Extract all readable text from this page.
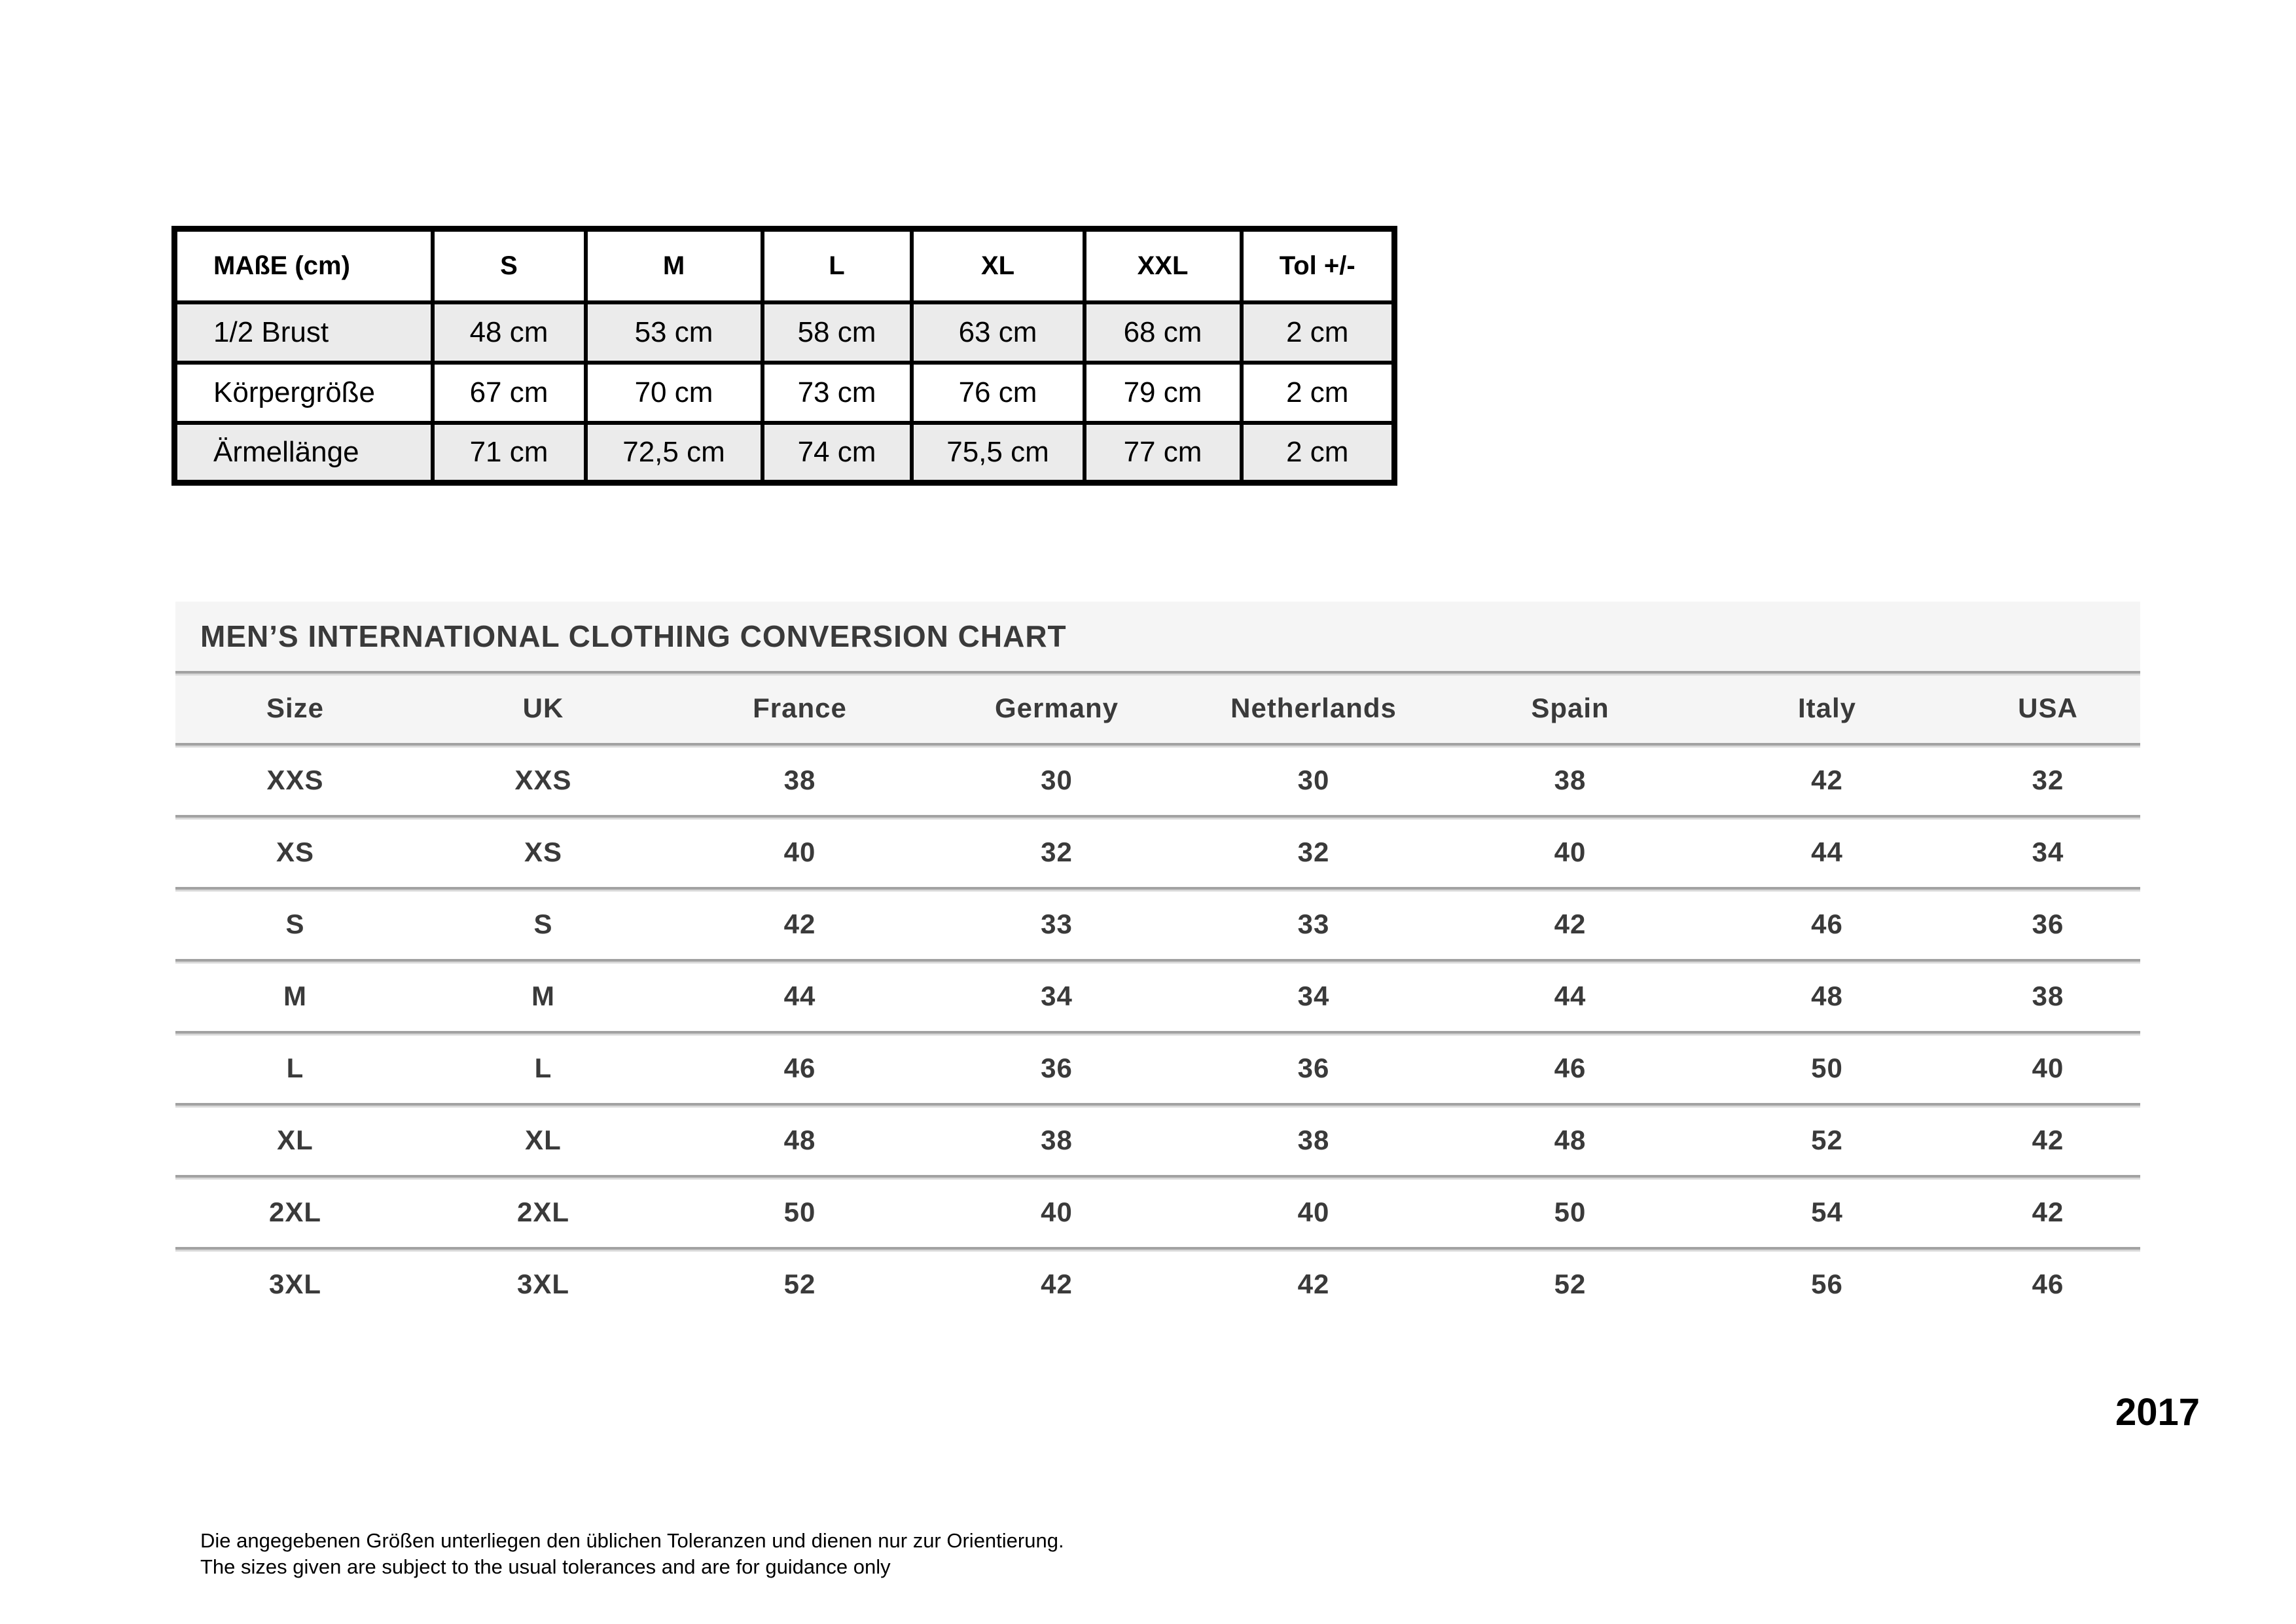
MAßE (cm)	S	M	L	XL	XXL	Tol +/-
1/2 Brust	48 cm	53 cm	58 cm	63 cm	68 cm	2 cm
Körpergröße	67 cm	70 cm	73 cm	76 cm	79 cm	2 cm
Ärmellänge	71 cm	72,5 cm	74 cm	75,5 cm	77 cm	2 cm
MEN’S INTERNATIONAL CLOTHING CONVERSION CHART
Size	UK	France	Germany	Netherlands	Spain	Italy	USA
XXS	XXS	38	30	30	38	42	32
XS	XS	40	32	32	40	44	34
S	S	42	33	33	42	46	36
M	M	44	34	34	44	48	38
L	L	46	36	36	46	50	40
XL	XL	48	38	38	48	52	42
2XL	2XL	50	40	40	50	54	42
3XL	3XL	52	42	42	52	56	46
2017
Die angegebenen Größen unterliegen den üblichen Toleranzen und dienen nur zur Orientierung.
The sizes given are subject to the usual tolerances and are for guidance only
